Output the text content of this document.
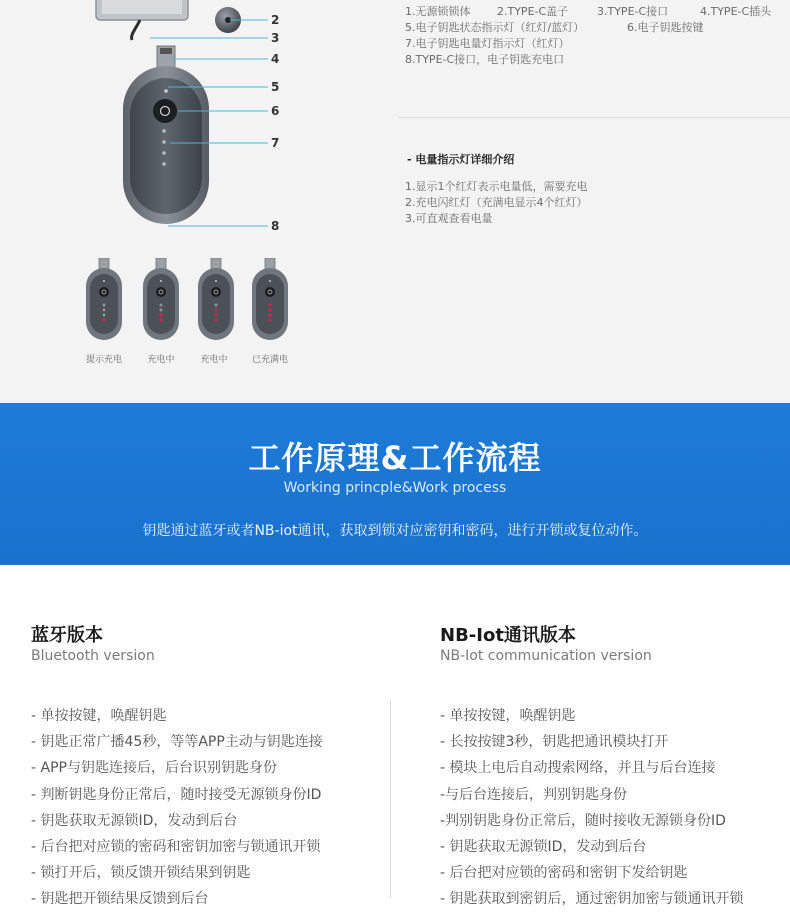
2
3
4
5
6
7
8
1.无源锁锁体 2.TYPE-C盖子	3.TYPE-C接口	4.TYPE-C插头
5.电子钥匙状态指示灯（红灯/蓝灯）	6.电子钥匙按键
7.电子钥匙电量灯指示灯（红灯）
8.TYPE-C接口，电子钥匙充电口
- 电量指示灯详细介绍
1.显示1个红灯表示电量低，需要充电
2.充电闪红灯（充满电显示4个红灯）
3.可直观查看电量
提示充电	充电中	充电中	已充满电
工作原理&工作流程
Working princple&Work process
钥匙通过蓝牙或者NB-iot通讯，获取到锁对应密钥和密码，进行开锁或复位动作。
蓝牙版本
Bluetooth version
- 单按按键，唤醒钥匙
- 钥匙正常广播45秒，等等APP主动与钥匙连接
- APP与钥匙连接后，后台识别钥匙身份
- 判断钥匙身份正常后，随时接受无源锁身份ID
- 钥匙获取无源锁ID，发动到后台
- 后台把对应锁的密码和密钥加密与锁通讯开锁
- 锁打开后，锁反馈开锁结果到钥匙
- 钥匙把开锁结果反馈到后台
NB-Iot通讯版本
NB-Iot communication version
- 单按按键，唤醒钥匙
- 长按按键3秒，钥匙把通讯模块打开
- 模块上电后自动搜索网络，并且与后台连接
-与后台连接后，判别钥匙身份
-判别钥匙身份正常后，随时接收无源锁身份ID
- 钥匙获取无源锁ID，发动到后台
- 后台把对应锁的密码和密钥下发给钥匙
- 钥匙获取到密钥后，通过密钥加密与锁通讯开锁
